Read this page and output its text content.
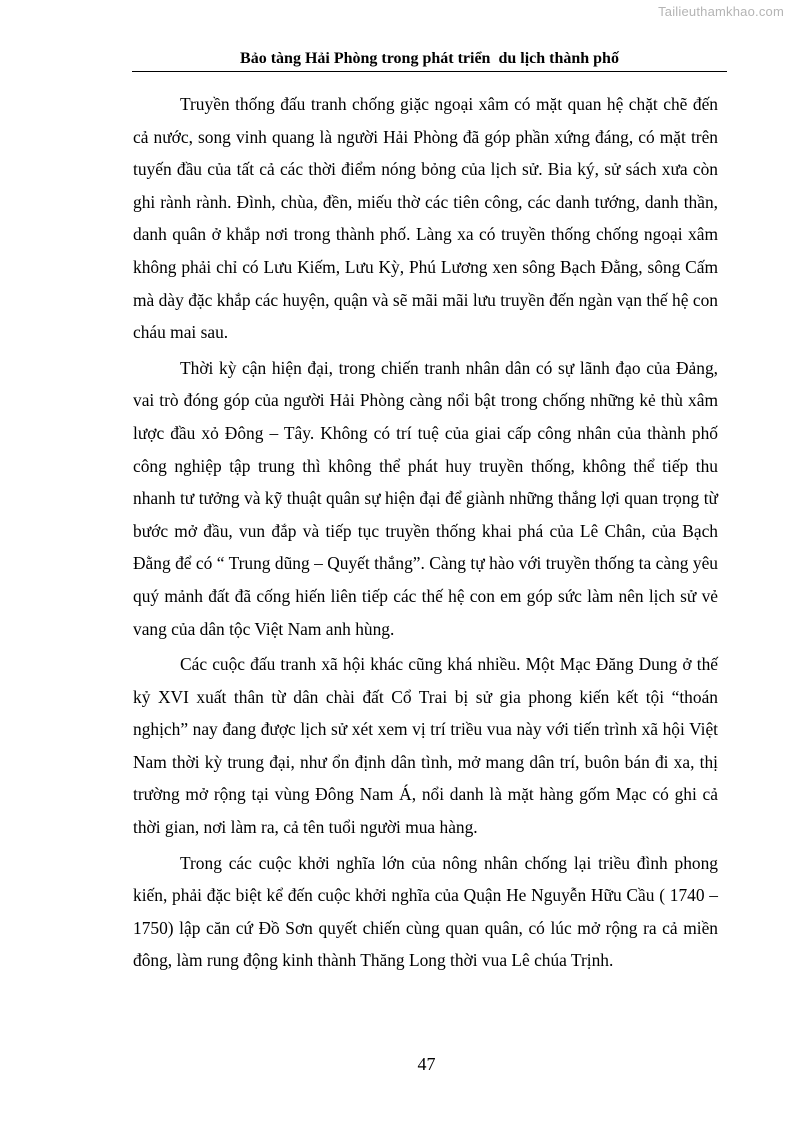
Tailieuthamkhao.com
Bảo tàng Hải Phòng trong phát triển  du lịch thành phố

Truyền thống đấu tranh chống giặc ngoại xâm có mặt quan hệ chặt chẽ đến cả nước, song vinh quang là người Hải Phòng đã góp phần xứng đáng, có mặt trên tuyến đầu của tất cả các thời điểm nóng bỏng của lịch sử. Bia ký, sử sách xưa còn ghi rành rành. Đình, chùa, đền, miếu thờ các tiên công, các danh tướng, danh thần, danh quân ở khắp nơi trong thành phố. Làng xa có truyền thống chống ngoại xâm không phải chỉ có Lưu Kiếm, Lưu Kỳ, Phú Lương xen sông Bạch Đằng, sông Cấm mà dày đặc khắp các huyện, quận và sẽ mãi mãi lưu truyền đến ngàn vạn thế hệ con cháu mai sau.

Thời kỳ cận hiện đại, trong chiến tranh nhân dân có sự lãnh đạo của Đảng, vai trò đóng góp của người Hải Phòng càng nổi bật trong chống những kẻ thù xâm lược đầu xỏ Đông – Tây. Không có trí tuệ của giai cấp công nhân của thành phố công nghiệp tập trung thì không thể phát huy truyền thống, không thể tiếp thu nhanh tư tưởng và kỹ thuật quân sự hiện đại để giành những thắng lợi quan trọng từ bước mở đầu, vun đắp và tiếp tục truyền thống khai phá của Lê Chân, của Bạch Đằng để có “ Trung dũng – Quyết thắng”. Càng tự hào với truyền thống ta càng yêu quý mảnh đất đã cống hiến liên tiếp các thế hệ con em góp sức làm nên lịch sử vẻ vang của dân tộc Việt Nam anh hùng.

Các cuộc đấu tranh xã hội khác cũng khá nhiều. Một Mạc Đăng Dung ở thế kỷ XVI xuất thân từ dân chài đất Cổ Trai bị sử gia phong kiến kết tội “thoán nghịch” nay đang được lịch sử xét xem vị trí triều vua này với tiến trình xã hội Việt Nam thời kỳ trung đại, như ổn định dân tình, mở mang dân trí, buôn bán đi xa, thị trường mở rộng tại vùng Đông Nam Á, nổi danh là mặt hàng gốm Mạc có ghi cả thời gian, nơi làm ra, cả tên tuổi người mua hàng.

Trong các cuộc khởi nghĩa lớn của nông nhân chống lại triều đình phong kiến, phải đặc biệt kể đến cuộc khởi nghĩa của Quận He Nguyễn Hữu Cầu ( 1740 – 1750) lập căn cứ Đồ Sơn quyết chiến cùng quan quân, có lúc mở rộng ra cả miền đông, làm rung động kinh thành Thăng Long thời vua Lê chúa Trịnh.

47
